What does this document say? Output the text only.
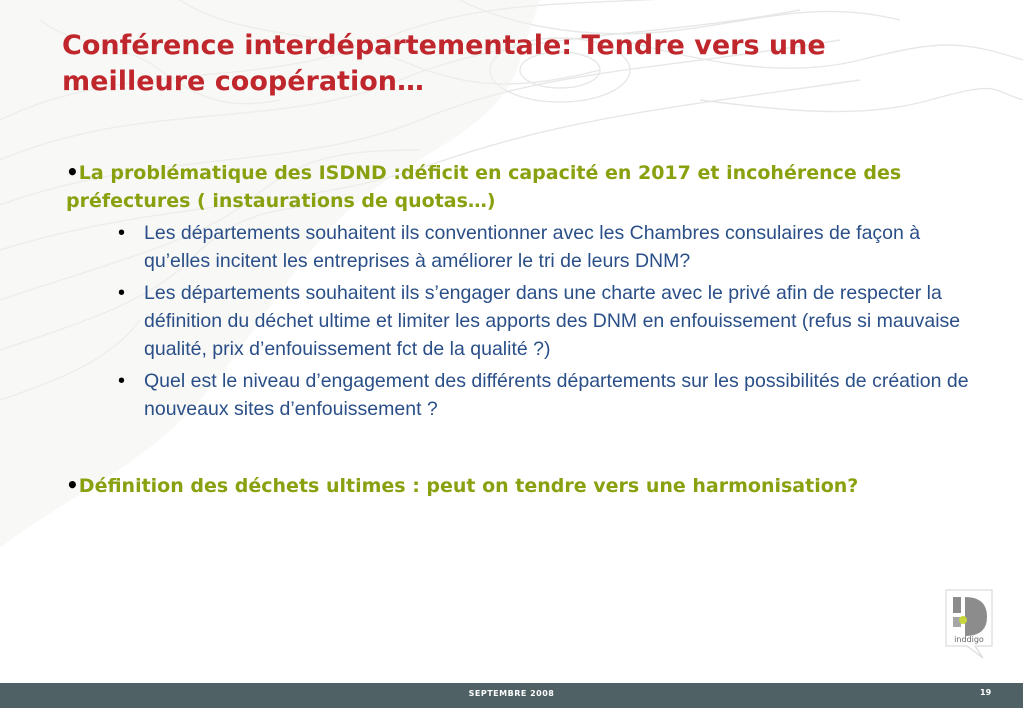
Conférence interdépartementale: Tendre vers une meilleure coopération…
•La problématique des ISDND :déficit en capacité en 2017 et incohérence des préfectures ( instaurations de quotas…)
• Les départements souhaitent ils conventionner avec les Chambres consulaires de façon à qu’elles incitent les entreprises à améliorer le tri de leurs DNM?
• Les départements souhaitent ils s’engager dans une charte avec le privé afin de respecter la définition du déchet ultime et limiter les apports des DNM en enfouissement (refus si mauvaise qualité, prix d’enfouissement fct de la qualité ?)
• Quel est le niveau d’engagement des différents départements sur les possibilités de création de nouveaux sites d’enfouissement ?
•Définition des déchets ultimes : peut on tendre vers une harmonisation?
inddigo
SEPTEMBRE 2008	19
